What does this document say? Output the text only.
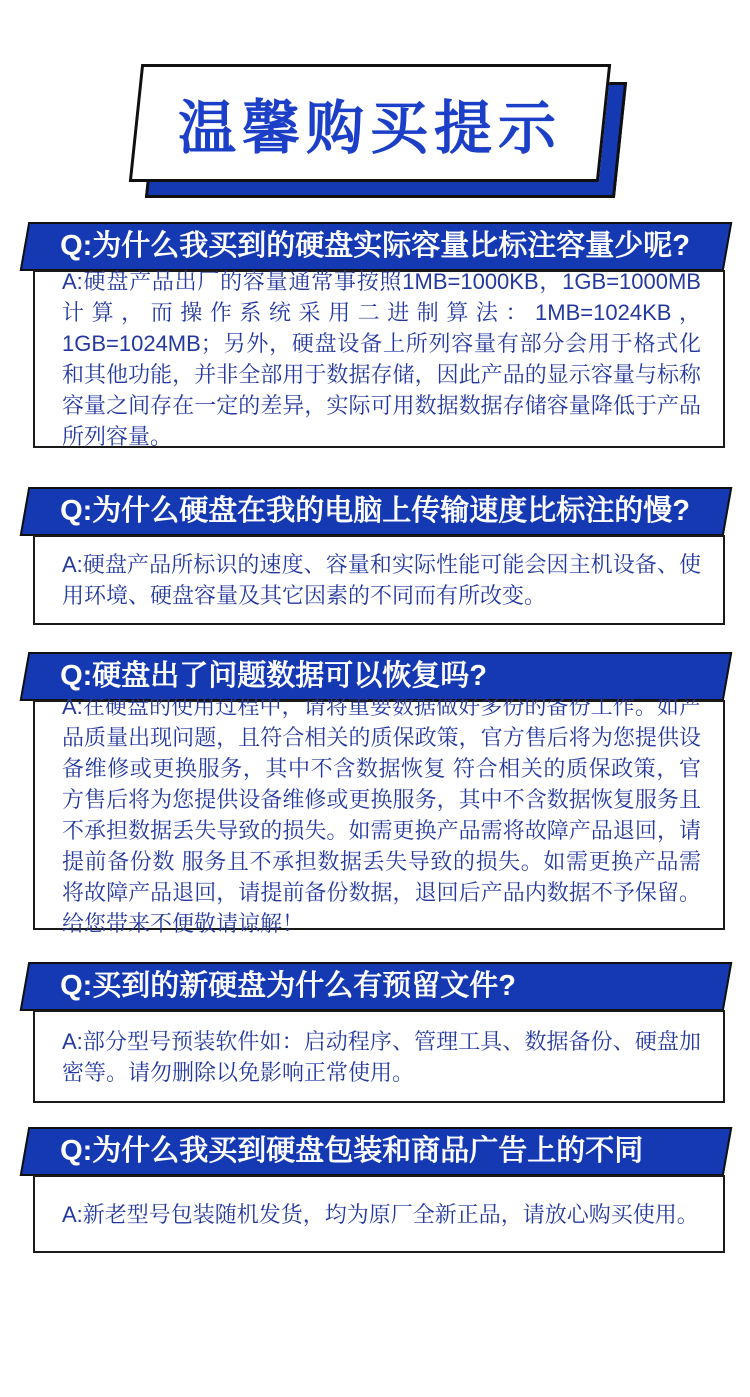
温馨购买提示
Q:为什么我买到的硬盘实际容量比标注容量少呢?

A:硬盘产品出厂的容量通常事按照1MB=1000KB，1GB=1000MB计算，而操作系统采用二进制算法：1MB=1024KB，1GB=1024MB；另外，硬盘设备上所列容量有部分会用于格式化和其他功能，并非全部用于数据存储，因此产品的显示容量与标称容量之间存在一定的差异，实际可用数据数据存储容量降低于产品所列容量。

Q:为什么硬盘在我的电脑上传输速度比标注的慢?

A:硬盘产品所标识的速度、容量和实际性能可能会因主机设备、使用环境、硬盘容量及其它因素的不同而有所改变。

Q:硬盘出了问题数据可以恢复吗?

A:在硬盘的使用过程中，请将重要数据做好多份的备份工作。如产品质量出现问题，且符合相关的质保政策，官方售后将为您提供设备维修或更换服务，其中不含数据恢复 符合相关的质保政策，官方售后将为您提供设备维修或更换服务，其中不含数据恢复服务且不承担数据丢失导致的损失。如需更换产品需将故障产品退回，请提前备份数 服务且不承担数据丢失导致的损失。如需更换产品需将故障产品退回，请提前备份数据，退回后产品内数据不予保留。给您带来不便敬请谅解！

Q:买到的新硬盘为什么有预留文件?

A:部分型号预装软件如：启动程序、管理工具、数据备份、硬盘加密等。请勿删除以免影响正常使用。

Q:为什么我买到硬盘包装和商品广告上的不同

A:新老型号包装随机发货，均为原厂全新正品，请放心购买使用。
